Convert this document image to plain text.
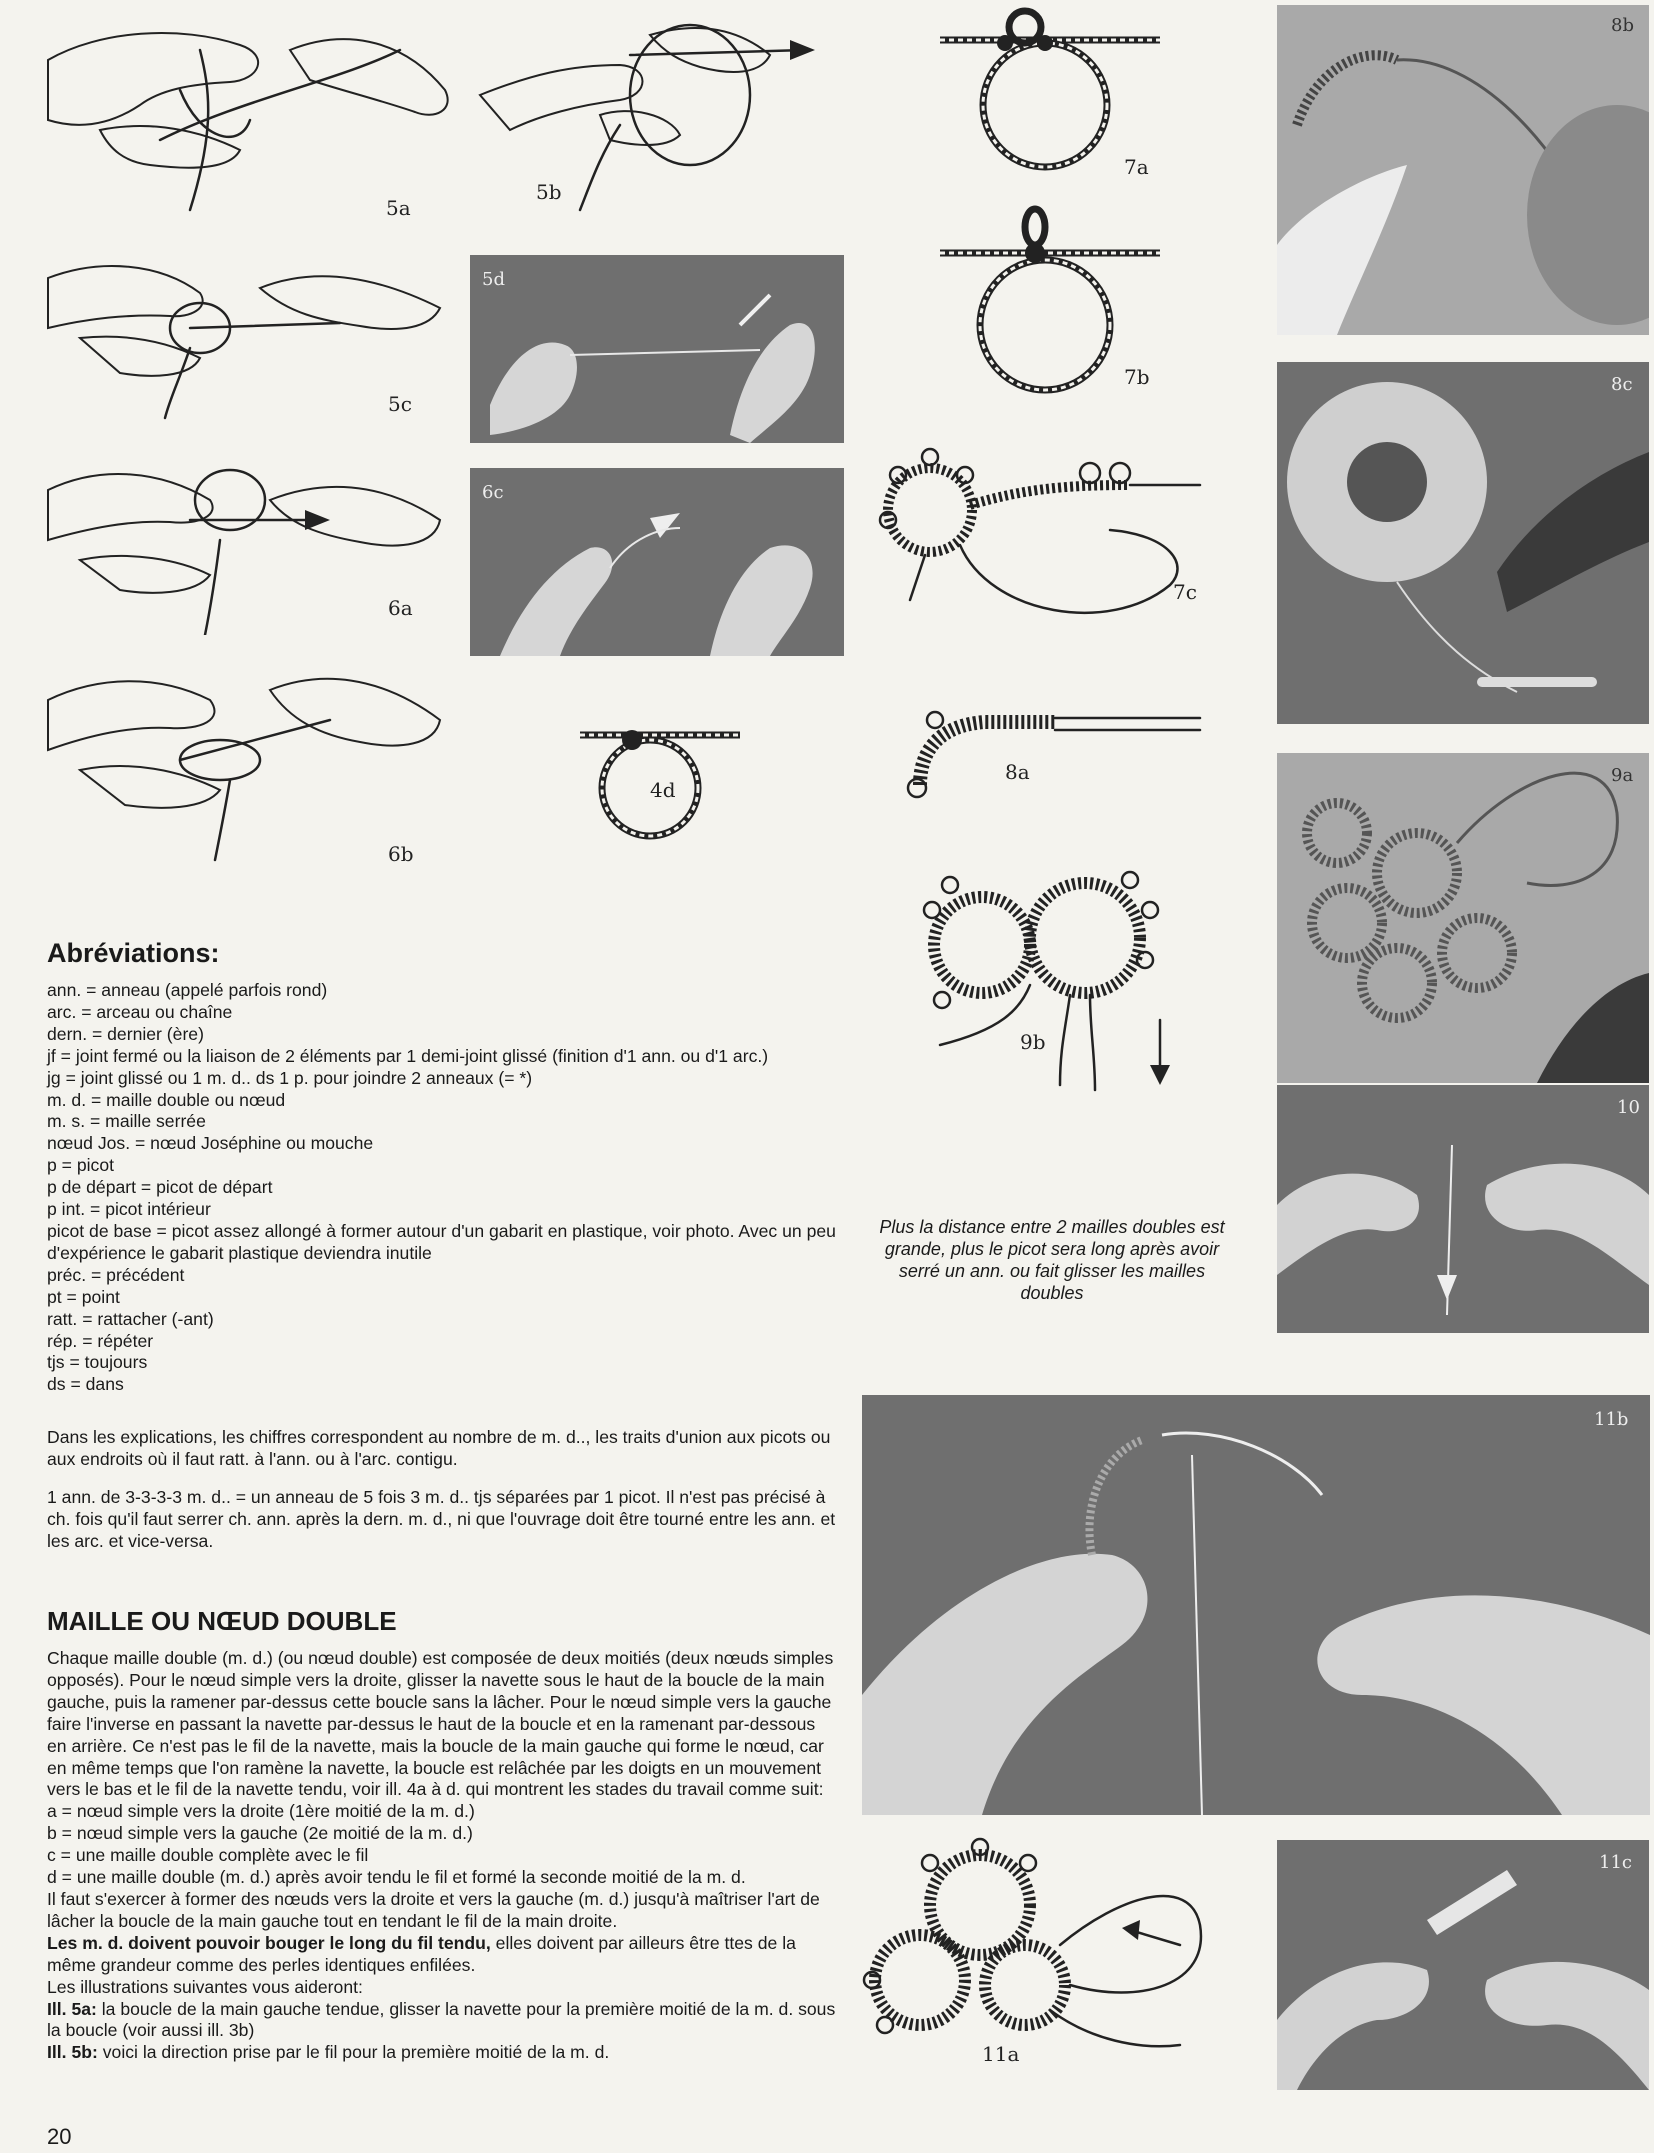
5a
5b
5c
6a
6b
5d
6c
4d
7a
7b
7c
8a
9b

Plus la distance entre 2 mailles doubles est grande, plus le picot sera long après avoir serré un ann. ou fait glisser les mailles doubles

11a
8b
8c
9a
10
11b
11c
Abréviations:
ann. = anneau (appelé parfois rond)
arc. = arceau ou chaîne
dern. = dernier (ère)
jf = joint fermé ou la liaison de 2 éléments par 1 demi-joint glissé (finition d'1 ann. ou d'1 arc.)
jg = joint glissé ou 1 m. d.. ds 1 p. pour joindre 2 anneaux (= *)
m. d. = maille double ou nœud
m. s. = maille serrée
nœud Jos. = nœud Joséphine ou mouche
p = picot
p de départ = picot de départ
p int. = picot intérieur
picot de base = picot assez allongé à former autour d'un gabarit en plastique, voir photo. Avec un peu d'expérience le gabarit plastique deviendra inutile
préc. = précédent
pt = point
ratt. = rattacher (-ant)
rép. = répéter
tjs = toujours
ds = dans

Dans les explications, les chiffres correspondent au nombre de m. d.., les traits d'union aux picots ou aux endroits où il faut ratt. à l'ann. ou à l'arc. contigu.

1 ann. de 3-3-3-3 m. d.. = un anneau de 5 fois 3 m. d.. tjs séparées par 1 picot. Il n'est pas précisé à ch. fois qu'il faut serrer ch. ann. après la dern. m. d., ni que l'ouvrage doit être tourné entre les ann. et les arc. et vice-versa.

MAILLE OU NŒUD DOUBLE

Chaque maille double (m. d.) (ou nœud double) est composée de deux moitiés (deux nœuds simples opposés). Pour le nœud simple vers la droite, glisser la navette sous le haut de la boucle de la main gauche, puis la ramener par-dessus cette boucle sans la lâcher. Pour le nœud simple vers la gauche faire l'inverse en passant la navette par-dessus le haut de la boucle et en la ramenant par-dessous en arrière. Ce n'est pas le fil de la navette, mais la boucle de la main gauche qui forme le nœud, car en même temps que l'on ramène la navette, la boucle est relâchée par les doigts en un mouvement vers le bas et le fil de la navette tendu, voir ill. 4a à d. qui montrent les stades du travail comme suit:

a = nœud simple vers la droite (1ère moitié de la m. d.)
b = nœud simple vers la gauche (2e moitié de la m. d.)
c = une maille double complète avec le fil
d = une maille double (m. d.) après avoir tendu le fil et formé la seconde moitié de la m. d.

Il faut s'exercer à former des nœuds vers la droite et vers la gauche (m. d.) jusqu'à maîtriser l'art de lâcher la boucle de la main gauche tout en tendant le fil de la main droite.

Les m. d. doivent pouvoir bouger le long du fil tendu, elles doivent par ailleurs être ttes de la même grandeur comme des perles identiques enfilées.

Les illustrations suivantes vous aideront:

Ill. 5a: la boucle de la main gauche tendue, glisser la navette pour la première moitié de la m. d. sous la boucle (voir aussi ill. 3b)

Ill. 5b: voici la direction prise par le fil pour la première moitié de la m. d.

20
